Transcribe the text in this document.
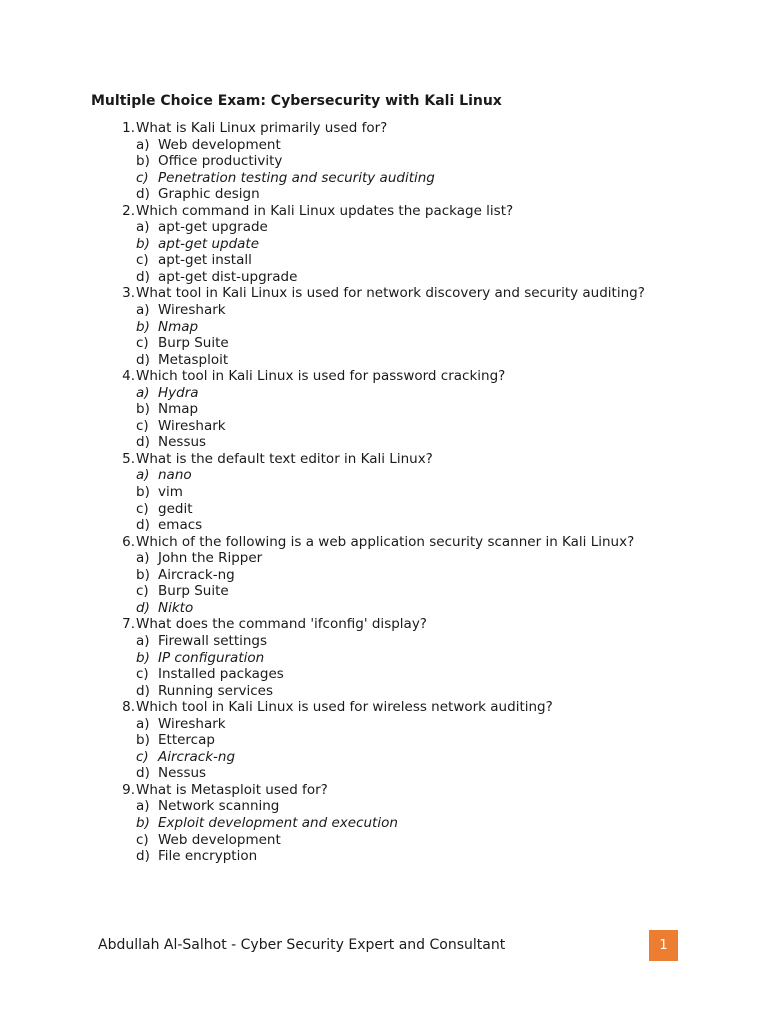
Multiple Choice Exam: Cybersecurity with Kali Linux
1.What is Kali Linux primarily used for?
a) Web development
b) Office productivity
c) Penetration testing and security auditing
d) Graphic design
2.Which command in Kali Linux updates the package list?
a) apt-get upgrade
b) apt-get update
c) apt-get install
d) apt-get dist-upgrade
3.What tool in Kali Linux is used for network discovery and security auditing?
a) Wireshark
b) Nmap
c) Burp Suite
d) Metasploit
4.Which tool in Kali Linux is used for password cracking?
a) Hydra
b) Nmap
c) Wireshark
d) Nessus
5.What is the default text editor in Kali Linux?
a) nano
b) vim
c) gedit
d) emacs
6.Which of the following is a web application security scanner in Kali Linux?
a) John the Ripper
b) Aircrack-ng
c) Burp Suite
d) Nikto
7.What does the command 'ifconfig' display?
a) Firewall settings
b) IP configuration
c) Installed packages
d) Running services
8.Which tool in Kali Linux is used for wireless network auditing?
a) Wireshark
b) Ettercap
c) Aircrack-ng
d) Nessus
9.What is Metasploit used for?
a) Network scanning
b) Exploit development and execution
c) Web development
d) File encryption
Abdullah Al-Salhot - Cyber Security Expert and Consultant	1
